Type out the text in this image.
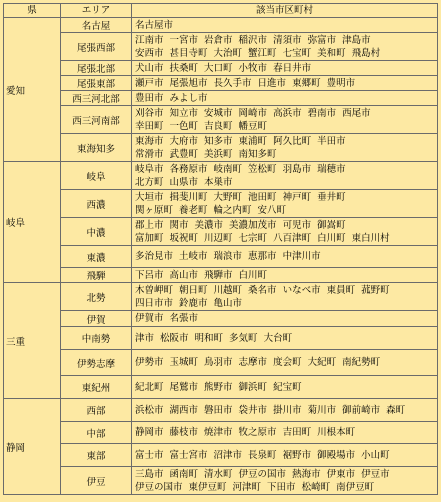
県	エリア	該当市区町村
愛知	名古屋	名古屋市

	尾張西部	江南市 一宮市 岩倉市 稲沢市 清須市 弥富市 津島市
安西市 甚目寺町 大治町 蟹江町 七宝町 美和町 飛島村

	尾張北部	犬山市 扶桑町 大口町 小牧市 春日井市

	尾張東部	瀬戸市 尾張旭市 長久手市 日進市 東郷町 豊明市

	西三河北部	豊田市 みよし市

	西三河南部	刈谷市 知立市 安城市 岡崎市 高浜市 碧南市 西尾市
幸田町 一色町 吉良町 幡豆町

	東海知多	東海市 大府市 知多市 東浦町 阿久比町 半田市
常滑市 武豊町 美浜町 南知多町

岐阜	岐阜	岐阜市 各務原市 岐南町 笠松町 羽島市 瑞穂市
北方町 山県市 本巣市

	西濃	大垣市 揖斐川町 大野町 池田町 神戸町 垂井町
関ヶ原町 養老町 輪之内町 安八町

	中濃	郡上市 関市 美濃市 美濃加茂市 可児市 御嵩町
富加町 坂祝町 川辺町 七宗町 八百津町 白川町 東白川村

	東濃	多治見市 土岐市 瑞浪市 恵那市 中津川市

	飛騨	下呂市 高山市 飛騨市 白川町

三重	北勢	木曽岬町 朝日町 川越町 桑名市 いなべ市 東員町 菰野町
四日市市 鈴鹿市 亀山市

	伊賀	伊賀市 名張市

	中南勢	津市 松阪市 明和町 多気町 大台町

	伊勢志摩	伊勢市 玉城町 鳥羽市 志摩市 度会町 大紀町 南紀勢町

	東紀州	紀北町 尾鷲市 熊野市 御浜町 紀宝町

静岡	西部	浜松市 湖西市 磐田市 袋井市 掛川市 菊川市 御前崎市 森町

	中部	静岡市 藤枝市 焼津市 牧之原市 吉田町 川根本町

	東部	富士市 富士宮市 沼津市 長泉町 裾野市 御殿場市 小山町

	伊豆	三島市 函南町 清水町 伊豆の国市 熱海市 伊東市 伊豆市
伊豆の国市 東伊豆町 河津町 下田市 松崎町 南伊豆町
